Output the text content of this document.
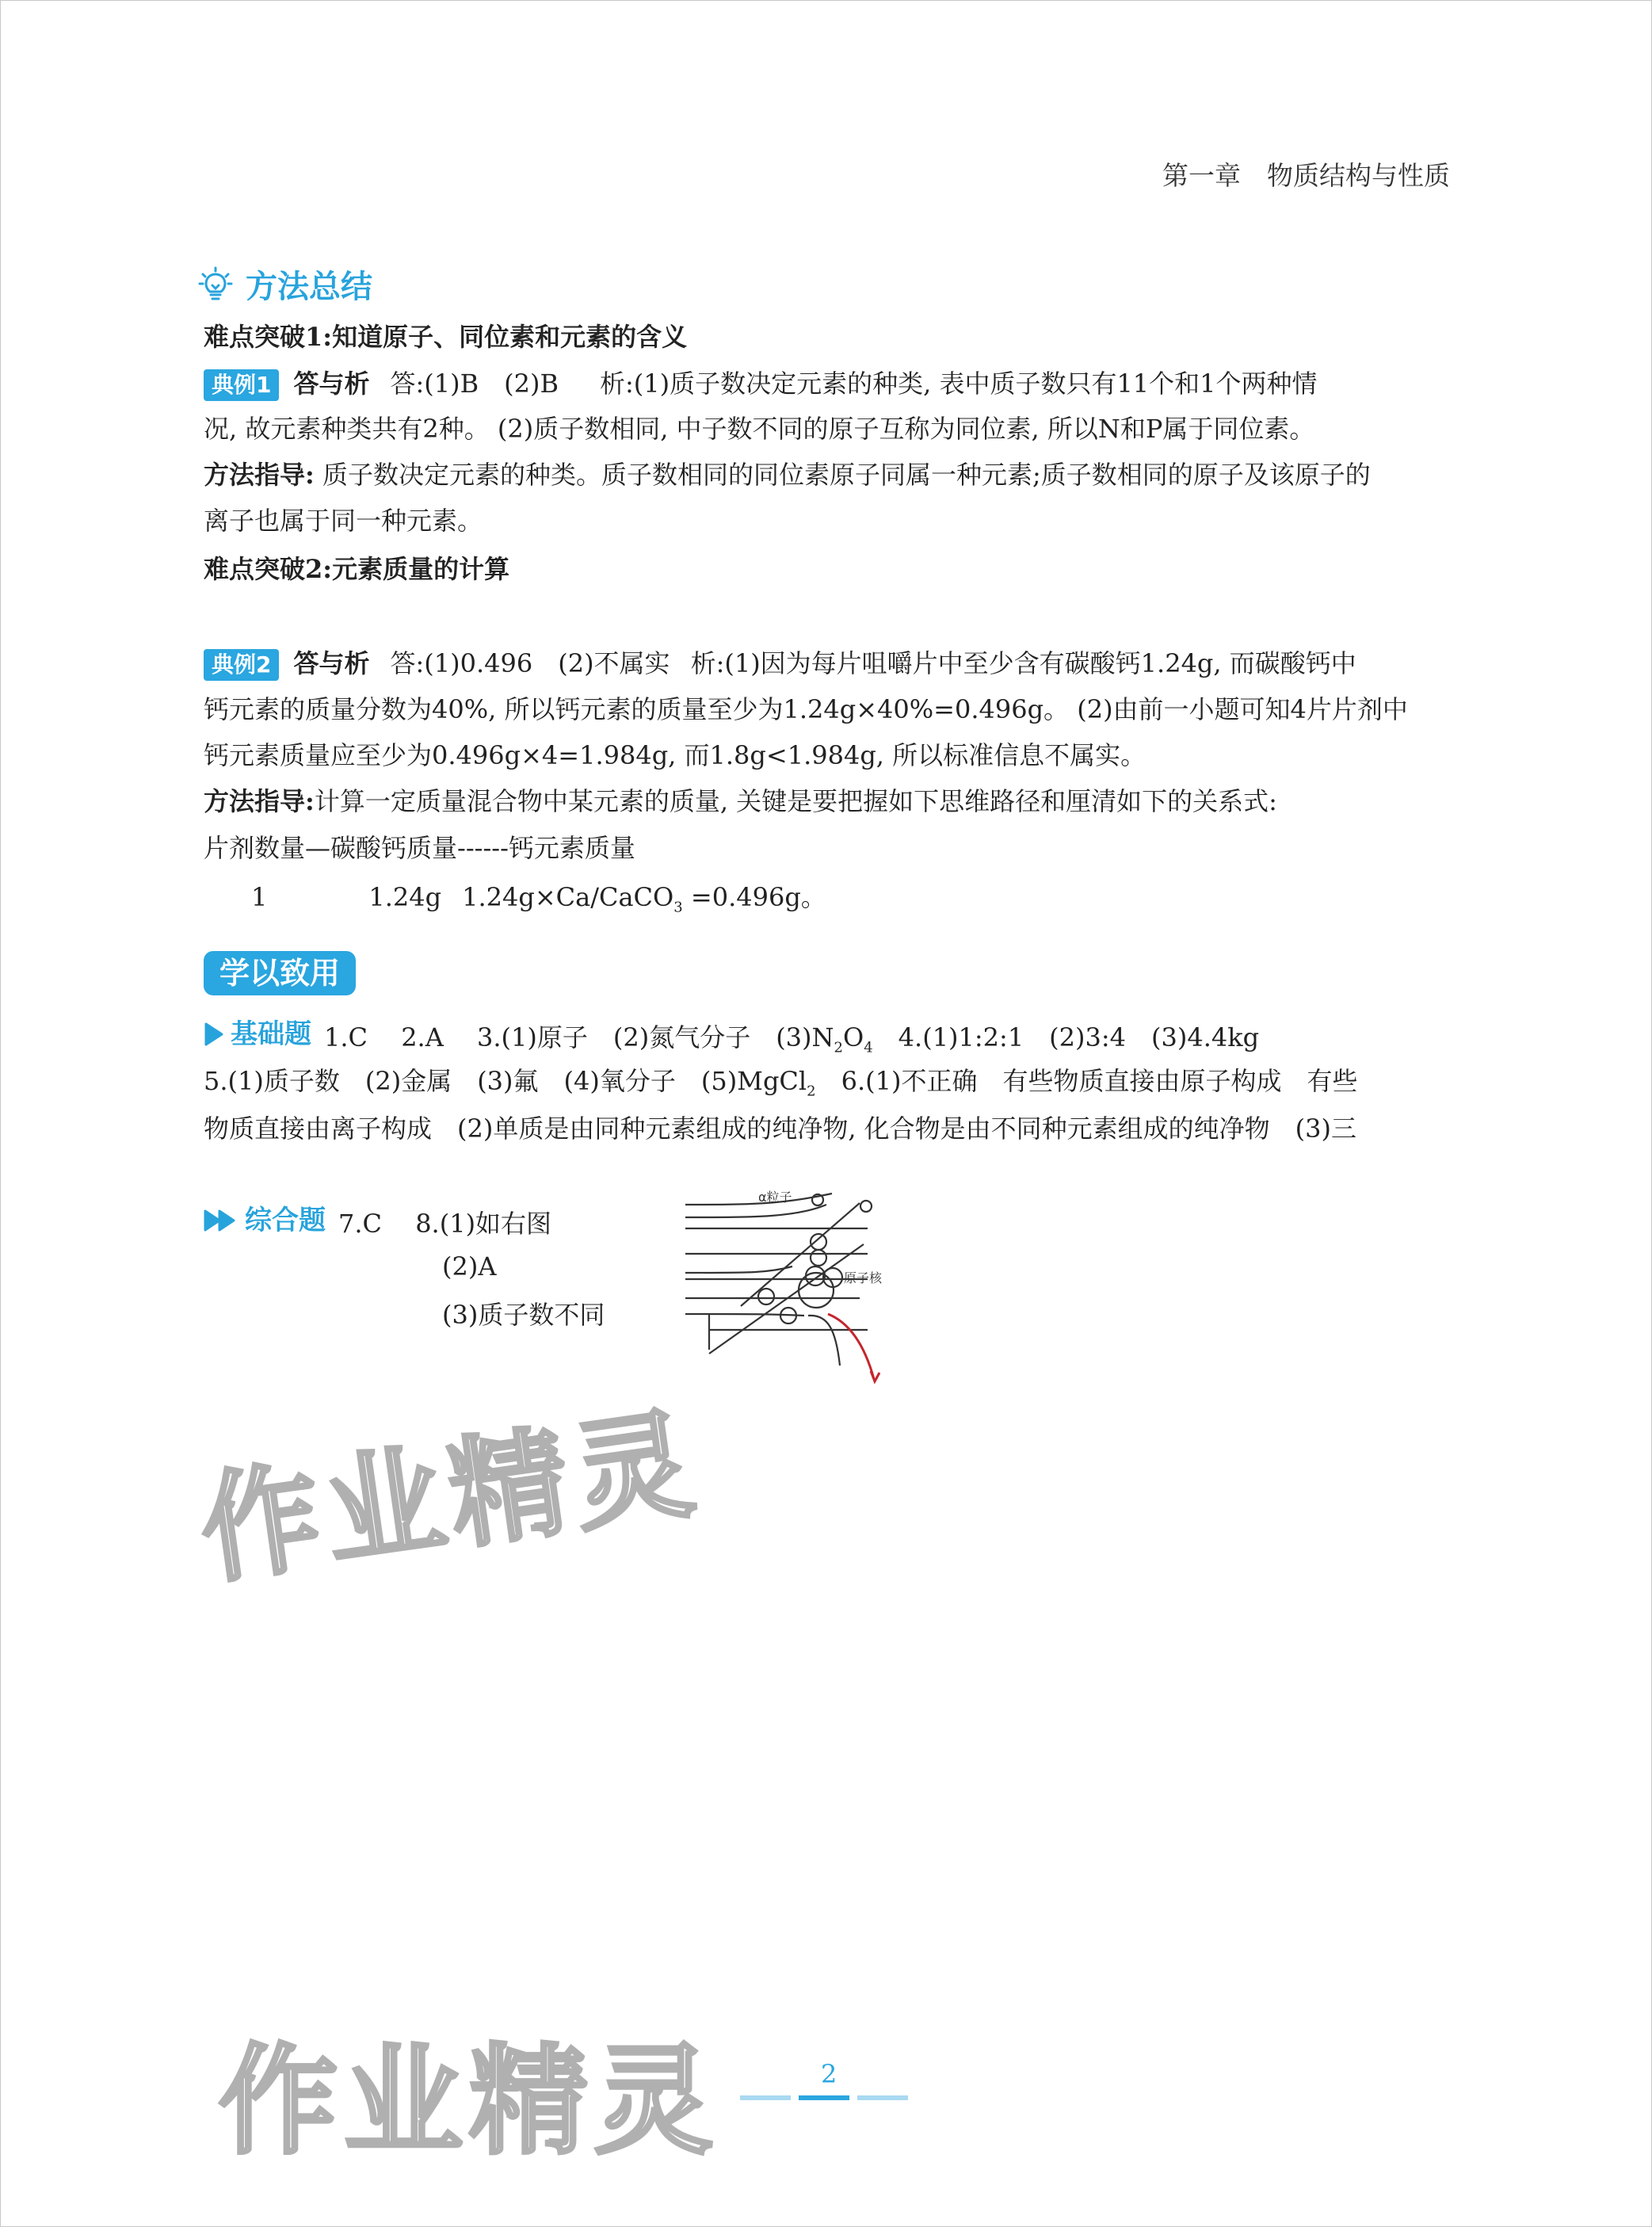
第一章　物质结构与性质
方法总结
难点突破1:知道原子、同位素和元素的含义
典例1 答与析 答:(1)B　(2)B 析:(1)质子数决定元素的种类, 表中质子数只有11个和1个两种情
况, 故元素种类共有2种。 (2)质子数相同, 中子数不同的原子互称为同位素, 所以N和P属于同位素。
方法指导: 质子数决定元素的种类。质子数相同的同位素原子同属一种元素;质子数相同的原子及该原子的
离子也属于同一种元素。
难点突破2:元素质量的计算
典例2 答与析 答:(1)0.496　(2)不属实 析:(1)因为每片咀嚼片中至少含有碳酸钙1.24g, 而碳酸钙中
钙元素的质量分数为40%, 所以钙元素的质量至少为1.24g×40%=0.496g。 (2)由前一小题可知4片片剂中
钙元素质量应至少为0.496g×4=1.984g, 而1.8g<1.984g, 所以标准信息不属实。
方法指导:计算一定质量混合物中某元素的质量, 关键是要把握如下思维路径和厘清如下的关系式:
片剂数量—碳酸钙质量------钙元素质量
1	1.24g 1.24g×Ca/CaCO$_3$ =0.496g。
学以致用
基础题 1.C　 2.A　 3.(1)原子　(2)氮气分子　$(3)N_2O_4$　4.(1)1:2:1　(2)3:4　(3)4.4kg
5.(1)质子数　(2)金属　(3)氟　(4)氧分子　(5)MgCl$_2$　6.(1)不正确　有些物质直接由原子构成　有些
物质直接由离子构成　(2)单质是由同种元素组成的纯净物, 化合物是由不同种元素组成的纯净物　(3)三
综合题 7.C　 8.(1)如右图
(2)A
(3)质子数不同
α粒子
原子核
作业精灵
作业精灵	2
